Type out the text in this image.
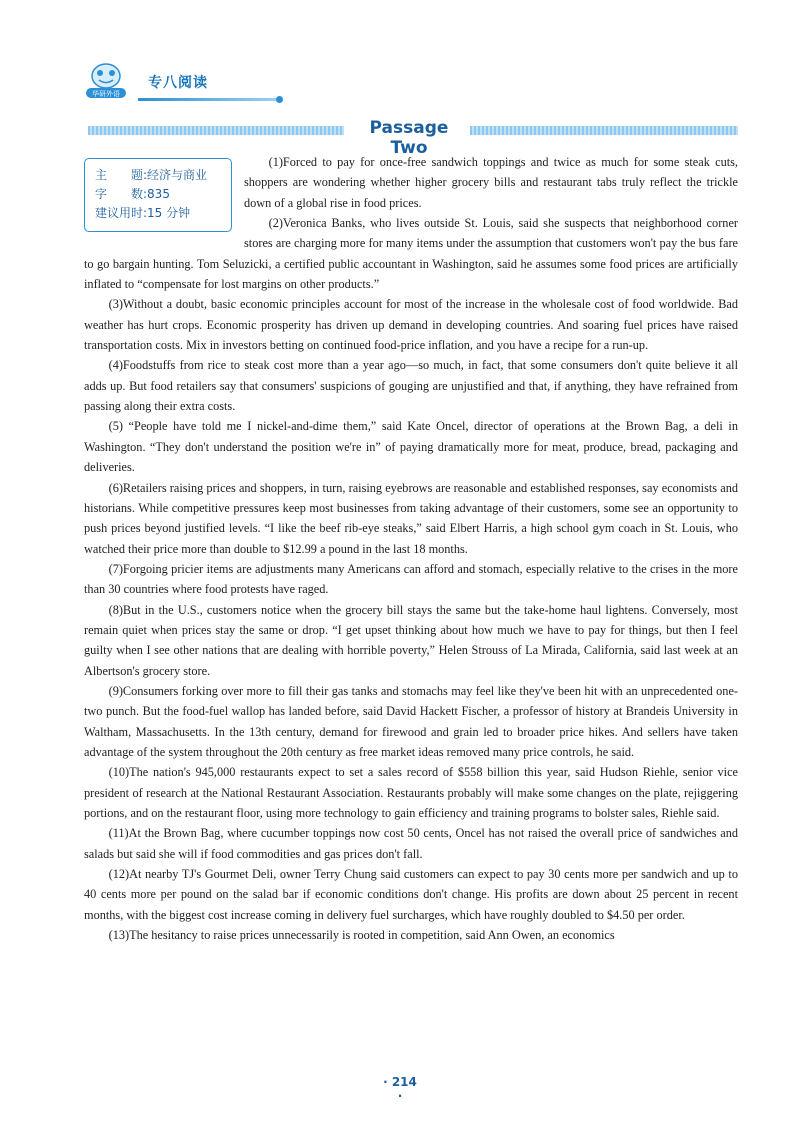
华研外语
专八阅读
Passage Two
主　　题:经济与商业
字　　数:835
建议用时:15 分钟

(1)Forced to pay for once-free sandwich toppings and twice as much for some steak cuts, shoppers are wondering whether higher grocery bills and restaurant tabs truly reflect the trickle down of a global rise in food prices.

(2)Veronica Banks, who lives outside St. Louis, said she suspects that neighborhood corner stores are charging more for many items under the assumption that customers won't pay the bus fare to go bargain hunting. Tom Seluzicki, a certified public accountant in Washington, said he assumes some food prices are artificially inflated to “compensate for lost margins on other products.”

(3)Without a doubt, basic economic principles account for most of the increase in the wholesale cost of food worldwide. Bad weather has hurt crops. Economic prosperity has driven up demand in developing countries. And soaring fuel prices have raised transportation costs. Mix in investors betting on continued food-price inflation, and you have a recipe for a run-up.

(4)Foodstuffs from rice to steak cost more than a year ago—so much, in fact, that some consumers don't quite believe it all adds up. But food retailers say that consumers' suspicions of gouging are unjustified and that, if anything, they have refrained from passing along their extra costs.

(5) “People have told me I nickel-and-dime them,” said Kate Oncel, director of operations at the Brown Bag, a deli in Washington. “They don't understand the position we're in” of paying dramatically more for meat, produce, bread, packaging and deliveries.

(6)Retailers raising prices and shoppers, in turn, raising eyebrows are reasonable and established responses, say economists and historians. While competitive pressures keep most businesses from taking advantage of their customers, some see an opportunity to push prices beyond justified levels. “I like the beef rib-eye steaks,” said Elbert Harris, a high school gym coach in St. Louis, who watched their price more than double to $12.99 a pound in the last 18 months.

(7)Forgoing pricier items are adjustments many Americans can afford and stomach, especially relative to the crises in the more than 30 countries where food protests have raged.

(8)But in the U.S., customers notice when the grocery bill stays the same but the take-home haul lightens. Conversely, most remain quiet when prices stay the same or drop. “I get upset thinking about how much we have to pay for things, but then I feel guilty when I see other nations that are dealing with horrible poverty,” Helen Strouss of La Mirada, California, said last week at an Albertson's grocery store.

(9)Consumers forking over more to fill their gas tanks and stomachs may feel like they've been hit with an unprecedented one-two punch. But the food-fuel wallop has landed before, said David Hackett Fischer, a professor of history at Brandeis University in Waltham, Massachusetts. In the 13th century, demand for firewood and grain led to broader price hikes. And sellers have taken advantage of the system throughout the 20th century as free market ideas removed many price controls, he said.

(10)The nation's 945,000 restaurants expect to set a sales record of $558 billion this year, said Hudson Riehle, senior vice president of research at the National Restaurant Association. Restaurants probably will make some changes on the plate, rejiggering portions, and on the restaurant floor, using more technology to gain efficiency and training programs to bolster sales, Riehle said.

(11)At the Brown Bag, where cucumber toppings now cost 50 cents, Oncel has not raised the overall price of sandwiches and salads but said she will if food commodities and gas prices don't fall.

(12)At nearby TJ's Gourmet Deli, owner Terry Chung said customers can expect to pay 30 cents more per sandwich and up to 40 cents more per pound on the salad bar if economic conditions don't change. His profits are down about 25 percent in recent months, with the biggest cost increase coming in delivery fuel surcharges, which have roughly doubled to $4.50 per order.

(13)The hesitancy to raise prices unnecessarily is rooted in competition, said Ann Owen, an economics

· 214 ·
